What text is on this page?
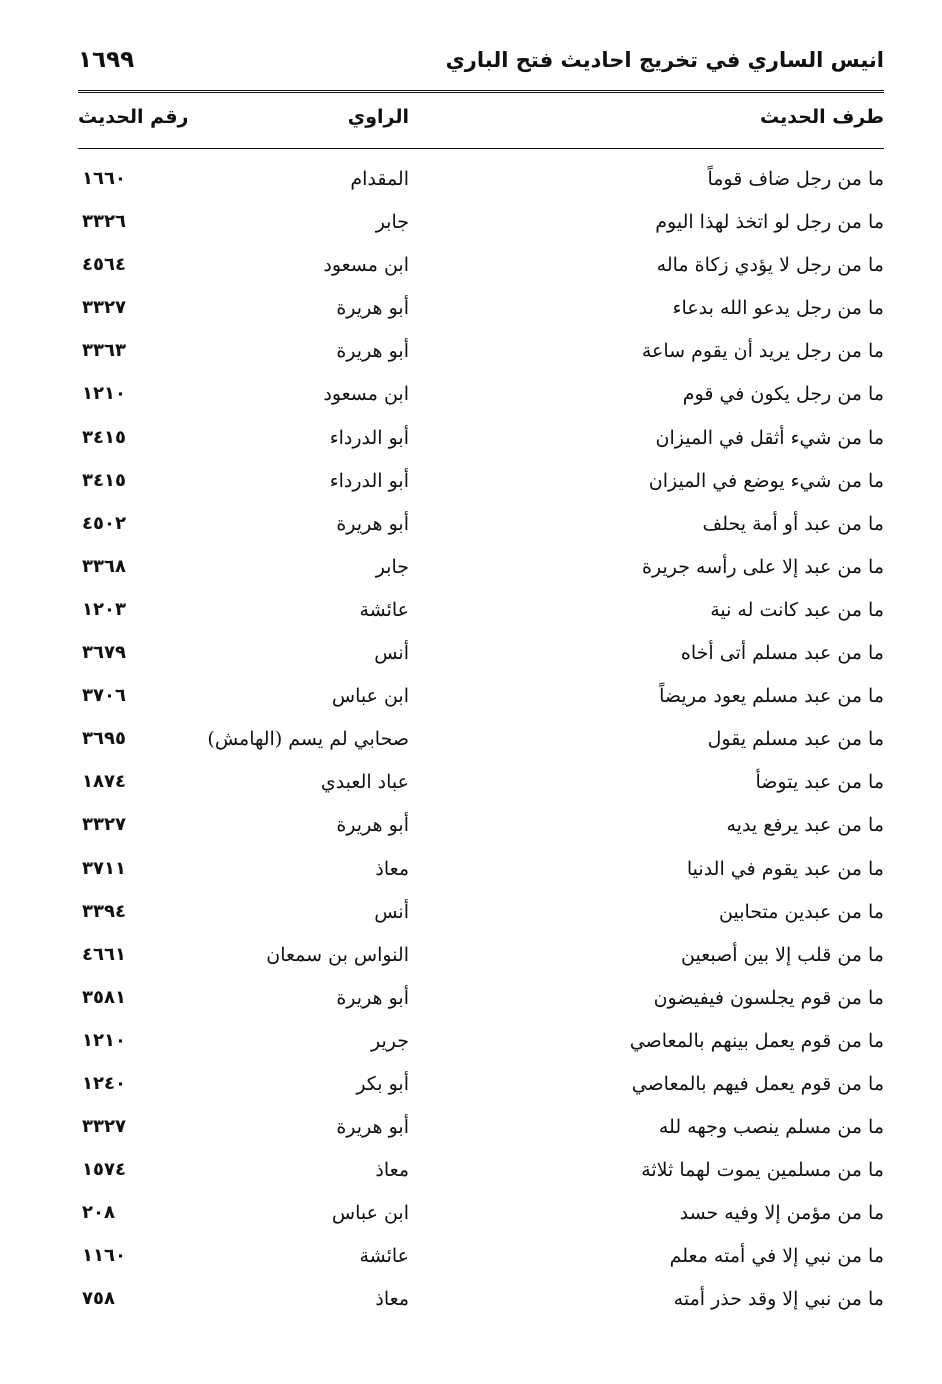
١٦٩٩	انيس الساري في تخريج احاديث فتح الباري
طرف الحديث
الراوي
رقم الحديث
ما من رجل ضاف قوماً
المقدام
١٦٦٠
ما من رجل لو اتخذ لهذا اليوم
جابر
٣٣٢٦
ما من رجل لا يؤدي زكاة ماله
ابن مسعود
٤٥٦٤
ما من رجل يدعو الله بدعاء
أبو هريرة
٣٣٢٧
ما من رجل يريد أن يقوم ساعة
أبو هريرة
٣٣٦٣
ما من رجل يكون في قوم
ابن مسعود
١٢١٠
ما من شيء أثقل في الميزان
أبو الدرداء
٣٤١٥
ما من شيء يوضع في الميزان
أبو الدرداء
٣٤١٥
ما من عبد أو أمة يحلف
أبو هريرة
٤٥٠٢
ما من عبد إلا على رأسه جريرة
جابر
٣٣٦٨
ما من عبد كانت له نية
عائشة
١٢٠٣
ما من عبد مسلم أتى أخاه
أنس
٣٦٧٩
ما من عبد مسلم يعود مريضاً
ابن عباس
٣٧٠٦
ما من عبد مسلم يقول
صحابي لم يسم (الهامش)
٣٦٩٥
ما من عبد يتوضأ
عباد العبدي
١٨٧٤
ما من عبد يرفع يديه
أبو هريرة
٣٣٢٧
ما من عبد يقوم في الدنيا
معاذ
٣٧١١
ما من عبدين متحابين
أنس
٣٣٩٤
ما من قلب إلا بين أصبعين
النواس بن سمعان
٤٦٦١
ما من قوم يجلسون فيفيضون
أبو هريرة
٣٥٨١
ما من قوم يعمل بينهم بالمعاصي
جرير
١٢١٠
ما من قوم يعمل فيهم بالمعاصي
أبو بكر
١٢٤٠
ما من مسلم ينصب وجهه لله
أبو هريرة
٣٣٢٧
ما من مسلمين يموت لهما ثلاثة
معاذ
١٥٧٤
ما من مؤمن إلا وفيه حسد
ابن عباس
٢٠٨
ما من نبي إلا في أمته معلم
عائشة
١١٦٠
ما من نبي إلا وقد حذر أمته
معاذ
٧٥٨
